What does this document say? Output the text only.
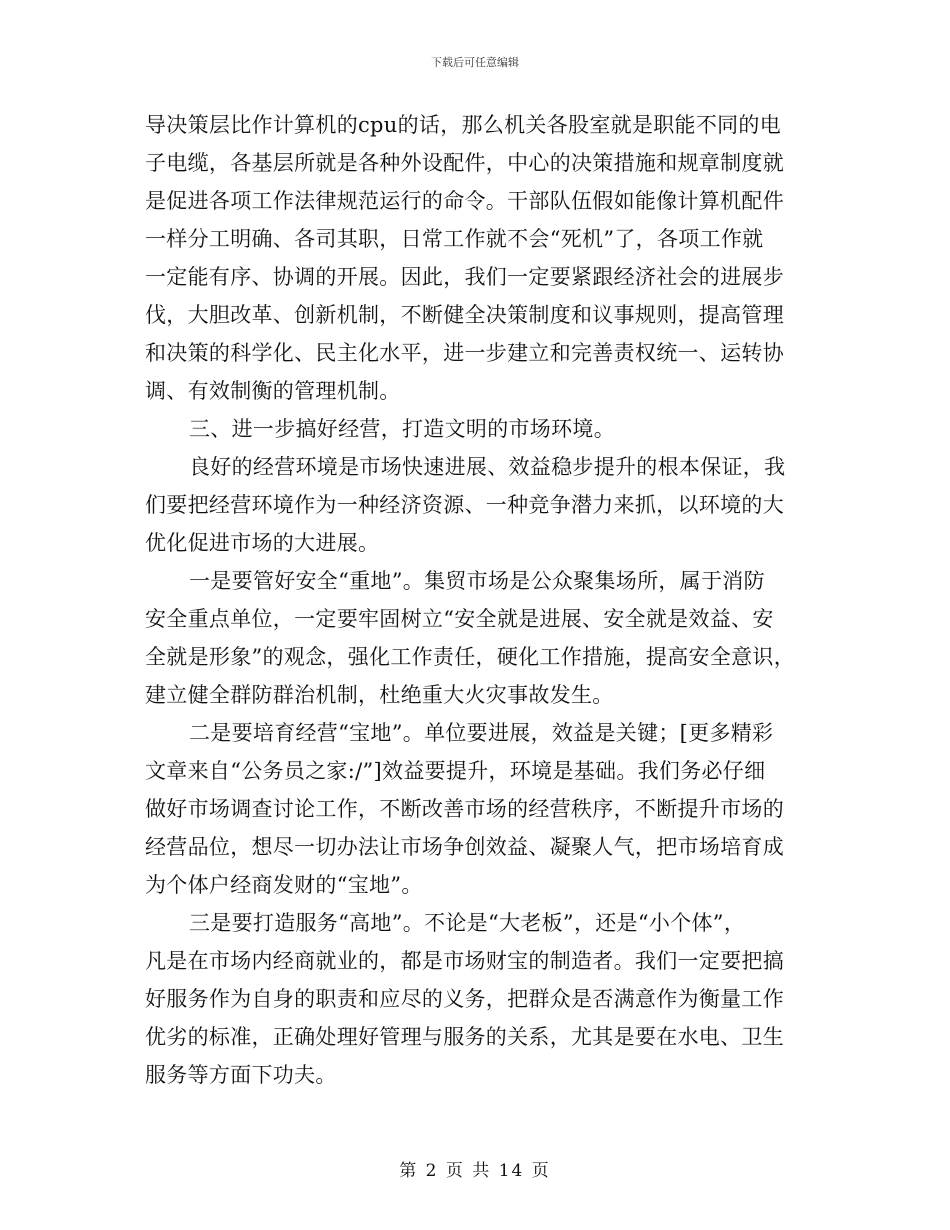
下载后可任意编辑

导决策层比作计算机的cpu的话，那么机关各股室就是职能不同的电
子电缆，各基层所就是各种外设配件，中心的决策措施和规章制度就
是促进各项工作法律规范运行的命令。干部队伍假如能像计算机配件
一样分工明确、各司其职，日常工作就不会“死机”了，各项工作就
一定能有序、协调的开展。因此，我们一定要紧跟经济社会的进展步
伐，大胆改革、创新机制，不断健全决策制度和议事规则，提高管理
和决策的科学化、民主化水平，进一步建立和完善责权统一、运转协
调、有效制衡的管理机制。

三、进一步搞好经营，打造文明的市场环境。

良好的经营环境是市场快速进展、效益稳步提升的根本保证，我
们要把经营环境作为一种经济资源、一种竞争潜力来抓，以环境的大
优化促进市场的大进展。

一是要管好安全“重地”。集贸市场是公众聚集场所，属于消防
安全重点单位，一定要牢固树立“安全就是进展、安全就是效益、安
全就是形象”的观念，强化工作责任，硬化工作措施，提高安全意识，
建立健全群防群治机制，杜绝重大火灾事故发生。

二是要培育经营“宝地”。单位要进展，效益是关键；[更多精彩
文章来自“公务员之家:/”]效益要提升，环境是基础。我们务必仔细
做好市场调查讨论工作，不断改善市场的经营秩序，不断提升市场的
经营品位，想尽一切办法让市场争创效益、凝聚人气，把市场培育成
为个体户经商发财的“宝地”。

三是要打造服务“高地”。不论是“大老板”，还是“小个体”，
凡是在市场内经商就业的，都是市场财宝的制造者。我们一定要把搞
好服务作为自身的职责和应尽的义务，把群众是否满意作为衡量工作
优劣的标准，正确处理好管理与服务的关系，尤其是要在水电、卫生
服务等方面下功夫。

第 2 页 共 14 页
